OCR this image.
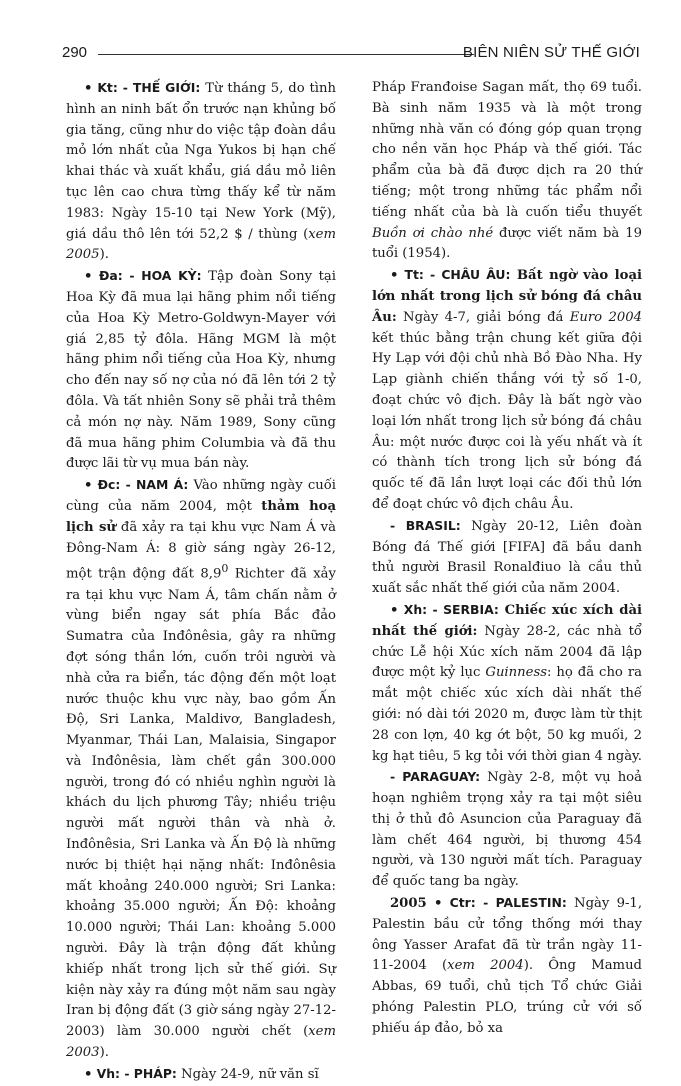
290	BIÊN NIÊN SỬ THẾ GIỚI

• Kt: - THẾ GIỚI: Từ tháng 5, do tình hình an ninh bất ổn trước nạn khủng bố gia tăng, cũng như do việc tập đoàn dầu mỏ lớn nhất của Nga Yukos bị hạn chế khai thác và xuất khẩu, giá dầu mỏ liên tục lên cao chưa từng thấy kể từ năm 1983: Ngày 15-10 tại New York (Mỹ), giá dầu thô lên tới 52,2 $ / thùng (xem 2005).

• Đa: - HOA KỲ: Tập đoàn Sony tại Hoa Kỳ đã mua lại hãng phim nổi tiếng của Hoa Kỳ Metro-Goldwyn-Mayer với giá 2,85 tỷ đôla. Hãng MGM là một hãng phim nổi tiếng của Hoa Kỳ, nhưng cho đến nay số nợ của nó đã lên tới 2 tỷ đôla. Và tất nhiên Sony sẽ phải trả thêm cả món nợ này. Năm 1989, Sony cũng đã mua hãng phim Columbia và đã thu được lãi từ vụ mua bán này.

• Đc: - NAM Á: Vào những ngày cuối cùng của năm 2004, một thảm hoạ lịch sử đã xảy ra tại khu vực Nam Á và Đông-Nam Á: 8 giờ sáng ngày 26-12, một trận động đất $8,9^0$ Richter đã xảy ra tại khu vực Nam Á, tâm chấn nằm ở vùng biển ngay sát phía Bắc đảo Sumatra của Inđônêsia, gây ra những đợt sóng thần lớn, cuốn trôi người và nhà cửa ra biển, tác động đến một loạt nước thuộc khu vực này, bao gồm Ấn Độ, Sri Lanka, Maldivơ, Bangladesh, Myanmar, Thái Lan, Malaisia, Singapor và Inđônêsia, làm chết gần 300.000 người, trong đó có nhiều nghìn người là khách du lịch phương Tây; nhiều triệu người mất người thân và nhà ở. Inđônêsia, Sri Lanka và Ấn Độ là những nước bị thiệt hại nặng nhất: Inđônêsia mất khoảng 240.000 người; Sri Lanka: khoảng 35.000 người; Ấn Độ: khoảng 10.000 người; Thái Lan: khoảng 5.000 người. Đây là trận động đất khủng khiếp nhất trong lịch sử thế giới. Sự kiện này xảy ra đúng một năm sau ngày Iran bị động đất (3 giờ sáng ngày 27-12-2003) làm 30.000 người chết (xem 2003).

• Vh: - PHÁP: Ngày 24-9, nữ văn sĩ

Pháp Franđoise Sagan mất, thọ 69 tuổi. Bà sinh năm 1935 và là một trong những nhà văn có đóng góp quan trọng cho nền văn học Pháp và thế giới. Tác phẩm của bà đã được dịch ra 20 thứ tiếng; một trong những tác phẩm nổi tiếng nhất của bà là cuốn tiểu thuyết Buồn ơi chào nhé được viết năm bà 19 tuổi (1954).

• Tt: - CHÂU ÂU: Bất ngờ vào loại lớn nhất trong lịch sử bóng đá châu Âu: Ngày 4-7, giải bóng đá Euro 2004 kết thúc bằng trận chung kết giữa đội Hy Lạp với đội chủ nhà Bồ Đào Nha. Hy Lạp giành chiến thắng với tỷ số 1-0, đoạt chức vô địch. Đây là bất ngờ vào loại lớn nhất trong lịch sử bóng đá châu Âu: một nước được coi là yếu nhất và ít có thành tích trong lịch sử bóng đá quốc tế đã lần lượt loại các đối thủ lớn để đoạt chức vô địch châu Âu.

- BRASIL: Ngày 20-12, Liên đoàn Bóng đá Thế giới [FIFA] đã bầu danh thủ người Brasil Ronalđiuo là cầu thủ xuất sắc nhất thế giới của năm 2004.

• Xh: - SERBIA: Chiếc xúc xích dài nhất thế giới: Ngày 28-2, các nhà tổ chức Lễ hội Xúc xích năm 2004 đã lập được một kỷ lục Guinness: họ đã cho ra mắt một chiếc xúc xích dài nhất thế giới: nó dài tới 2020 m, được làm từ thịt 28 con lợn, 40 kg ớt bột, 50 kg muối, 2 kg hạt tiêu, 5 kg tỏi với thời gian 4 ngày.

- PARAGUAY: Ngày 2-8, một vụ hoả hoạn nghiêm trọng xảy ra tại một siêu thị ở thủ đô Asuncion của Paraguay đã làm chết 464 người, bị thương 454 người, và 130 người mất tích. Paraguay để quốc tang ba ngày.

2005 • Ctr: - PALESTIN: Ngày 9-1, Palestin bầu cử tổng thống mới thay ông Yasser Arafat đã từ trần ngày 11-11-2004 (xem 2004). Ông Mamud Abbas, 69 tuổi, chủ tịch Tổ chức Giải phóng Palestin PLO, trúng cử với số phiếu áp đảo, bỏ xa
